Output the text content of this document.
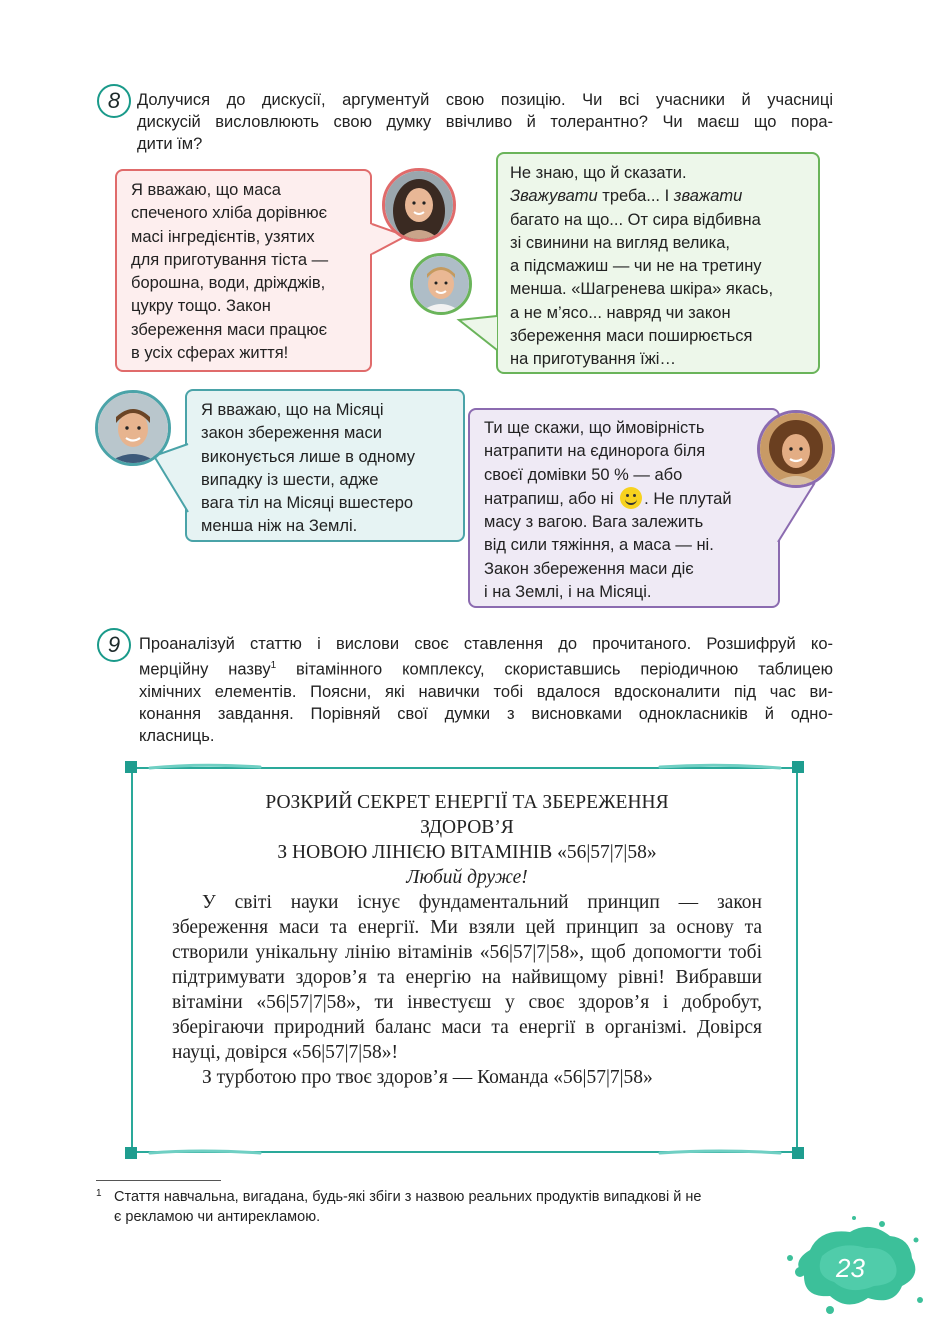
8 Долучися до дискусії, аргументуй свою позицію. Чи всі учасники й учасниці

дискусій висловлюють свою думку ввічливо й толерантно? Чи маєш що пора-

дити їм?

Я вважаю, що маса

спеченого хліба дорівнює

масі інгредієнтів, узятих

для приготування тіста —

борошна, води, дріжджів,

цукру тощо. Закон

збереження маси працює

в усіх сферах життя!

Не знаю, що й сказати.

Зважувати треба... І зважати

багато на що... От сира відбивна

зі свинини на вигляд велика,

а підсмажиш — чи не на третину

менша. «Шагренева шкіра» якась,

а не м’ясо... навряд чи закон

збереження маси поширюється

на приготування їжі…

Я вважаю, що на Місяці

закон збереження маси

виконується лише в одному

випадку із шести, адже

вага тіл на Місяці вшестеро

менша ніж на Землі.

Ти ще скажи, що ймовірність

натрапити на єдинорога біля

своєї домівки 50 % — або

натрапиш, або ні . Не плутай

масу з вагою. Вага залежить

від сили тяжіння, а маса — ні.

Закон збереження маси діє

і на Землі, і на Місяці.

9 Проаналізуй статтю і вислови своє ставлення до прочитаного. Розшифруй ко-

мерційну назву$^1$ вітамінного комплексу, скориставшись періодичною таблицею

хімічних елементів. Поясни, які навички тобі вдалося вдосконалити під час ви-

конання завдання. Порівняй свої думки з висновками однокласників й одно-

класниць.

РОЗКРИЙ СЕКРЕТ ЕНЕРГІЇ ТА ЗБЕРЕЖЕННЯ

ЗДОРОВ’Я

З НОВОЮ ЛІНІЄЮ ВІТАМІНІВ «56|57|7|58»

Любий друже!

У світі науки існує фундаментальний принцип — закон збереження маси та енергії. Ми взяли цей принцип за основу та створили унікальну лінію вітамінів «56|57|7|58», щоб допомогти тобі підтримувати здоров’я та енергію на найвищому рівні! Вибравши вітаміни «56|57|7|58», ти інвестуєш у своє здоров’я і добробут, зберігаючи природний баланс маси та енергії в організмі. Довірся науці, довірся «56|57|7|58»!

З турботою про твоє здоров’я — Команда «56|57|7|58»

1 Стаття навчальна, вигадана, будь-які збіги з назвою реальних продуктів випадкові й не
є рекламою чи антирекламою.
23
